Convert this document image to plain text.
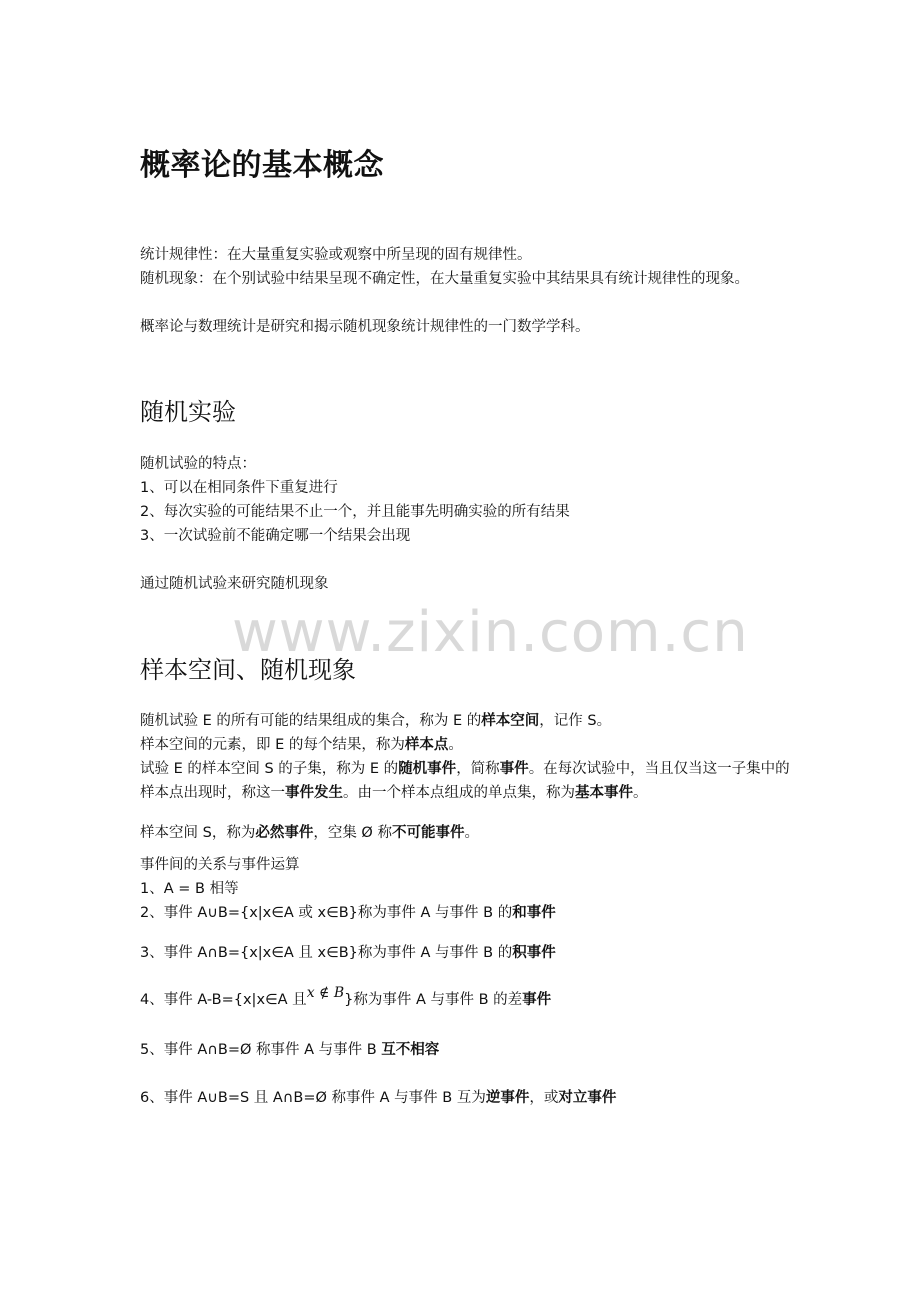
概率论的基本概念
统计规律性：在大量重复实验或观察中所呈现的固有规律性。
随机现象：在个别试验中结果呈现不确定性，在大量重复实验中其结果具有统计规律性的现象。
概率论与数理统计是研究和揭示随机现象统计规律性的一门数学学科。
随机实验
随机试验的特点：
1、可以在相同条件下重复进行
2、每次实验的可能结果不止一个，并且能事先明确实验的所有结果
3、一次试验前不能确定哪一个结果会出现
通过随机试验来研究随机现象
www.zixin.com.cn
样本空间、随机现象
随机试验 E 的所有可能的结果组成的集合，称为 E 的样本空间，记作 S。
样本空间的元素，即 E 的每个结果，称为样本点。
试验 E 的样本空间 S 的子集，称为 E 的随机事件，简称事件。在每次试验中，当且仅当这一子集中的样本点出现时，称这一事件发生。由一个样本点组成的单点集，称为基本事件。
样本空间 S，称为必然事件，空集 Ø 称不可能事件。
事件间的关系与事件运算
1、A = B 相等
2、事件 A∪B={x|x∈A 或 x∈B}称为事件 A 与事件 B 的和事件
3、事件 A∩B={x|x∈A 且 x∈B}称为事件 A 与事件 B 的积事件
4、事件 A-B={x|x∈A 且x ∉ B}称为事件 A 与事件 B 的差事件
5、事件 A∩B=Ø 称事件 A 与事件 B 互不相容
6、事件 A∪B=S 且 A∩B=Ø 称事件 A 与事件 B 互为逆事件，或对立事件
